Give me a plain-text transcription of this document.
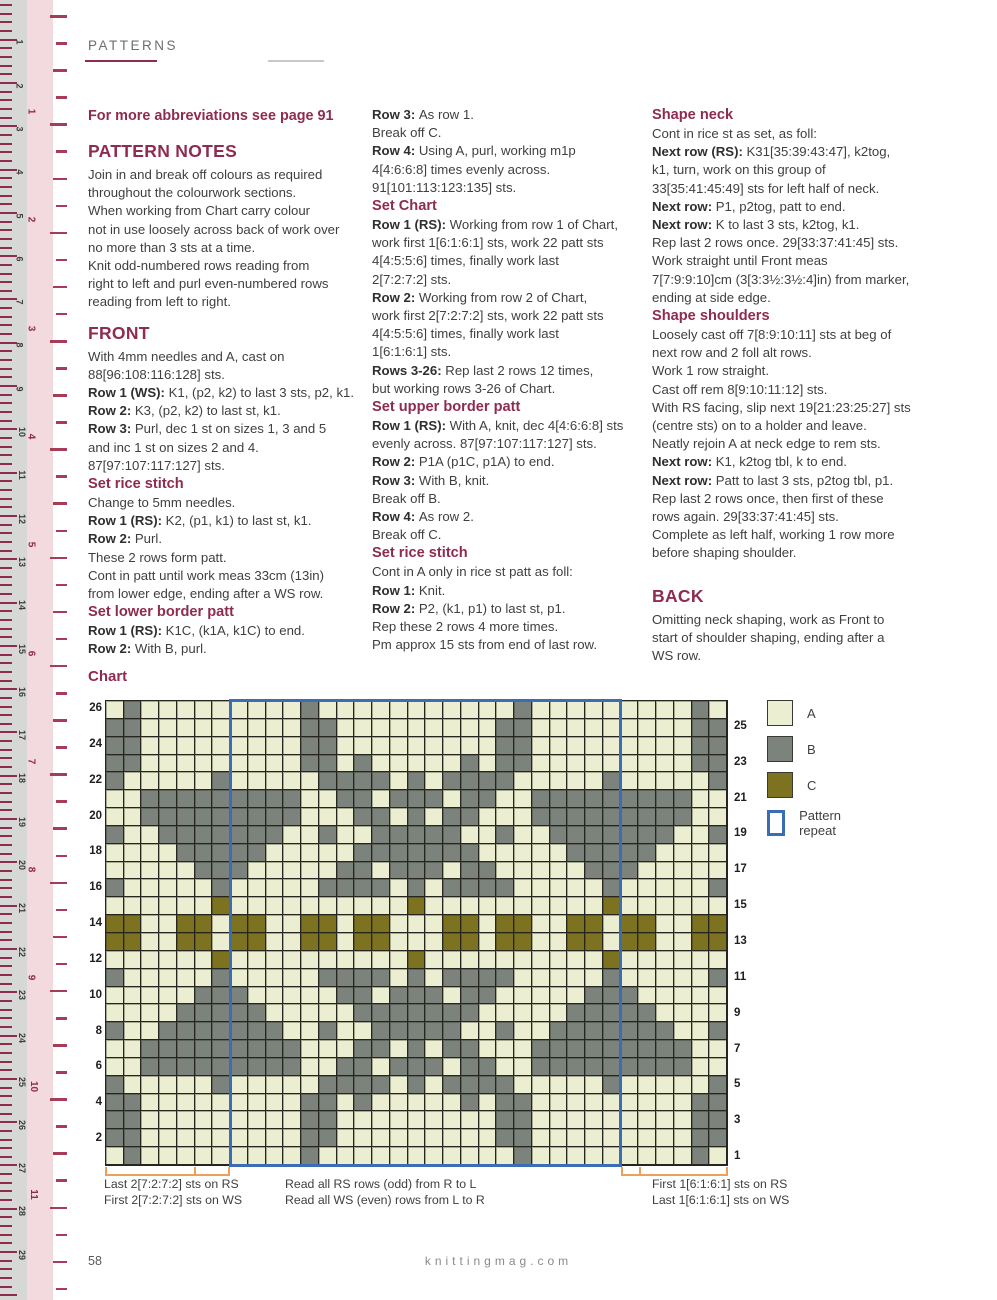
1
2
3
4
5
6
7
8
9
10
11
12
13
14
15
16
17
18
19
20
21
22
23
24
25
26
27
28
29
1
2
3
4
5
6
7
8
9
10
11
PATTERNS
For more abbreviations see page 91
PATTERN NOTES
Join in and break off colours as required
throughout the colourwork sections.
When working from Chart carry colour
not in use loosely across back of work over
no more than 3 sts at a time.
Knit odd-numbered rows reading from
right to left and purl even-numbered rows
reading from left to right.
FRONT
With 4mm needles and A, cast on
88[96:108:116:128] sts.
Row 1 (WS): K1, (p2, k2) to last 3 sts, p2, k1.
Row 2: K3, (p2, k2) to last st, k1.
Row 3: Purl, dec 1 st on sizes 1, 3 and 5
and inc 1 st on sizes 2 and 4.
87[97:107:117:127] sts.
Set rice stitch
Change to 5mm needles.
Row 1 (RS): K2, (p1, k1) to last st, k1.
Row 2: Purl.
These 2 rows form patt.
Cont in patt until work meas 33cm (13in)
from lower edge, ending after a WS row.
Set lower border patt
Row 1 (RS): K1C, (k1A, k1C) to end.
Row 2: With B, purl.
Row 3: As row 1.
Break off C.
Row 4: Using A, purl, working m1p
4[4:6:6:8] times evenly across.
91[101:113:123:135] sts.
Set Chart
Row 1 (RS): Working from row 1 of Chart,
work first 1[6:1:6:1] sts, work 22 patt sts
4[4:5:5:6] times, finally work last
2[7:2:7:2] sts.
Row 2: Working from row 2 of Chart,
work first 2[7:2:7:2] sts, work 22 patt sts
4[4:5:5:6] times, finally work last
1[6:1:6:1] sts.
Rows 3-26: Rep last 2 rows 12 times,
but working rows 3-26 of Chart.
Set upper border patt
Row 1 (RS): With A, knit, dec 4[4:6:6:8] sts
evenly across. 87[97:107:117:127] sts.
Row 2: P1A (p1C, p1A) to end.
Row 3: With B, knit.
Break off B.
Row 4: As row 2.
Break off C.
Set rice stitch
Cont in A only in rice st patt as foll:
Row 1: Knit.
Row 2: P2, (k1, p1) to last st, p1.
Rep these 2 rows 4 more times.
Pm approx 15 sts from end of last row.
Shape neck
Cont in rice st as set, as foll:
Next row (RS): K31[35:39:43:47], k2tog,
k1, turn, work on this group of
33[35:41:45:49] sts for left half of neck.
Next row: P1, p2tog, patt to end.
Next row: K to last 3 sts, k2tog, k1.
Rep last 2 rows once. 29[33:37:41:45] sts.
Work straight until Front meas
7[7:9:9:10]cm (3[3:3½:3½:4]in) from marker,
ending at side edge.
Shape shoulders
Loosely cast off 7[8:9:10:11] sts at beg of
next row and 2 foll alt rows.
Work 1 row straight.
Cast off rem 8[9:10:11:12] sts.
With RS facing, slip next 19[21:23:25:27] sts
(centre sts) on to a holder and leave.
Neatly rejoin A at neck edge to rem sts.
Next row: K1, k2tog tbl, k to end.
Next row: Patt to last 3 sts, p2tog tbl, p1.
Rep last 2 rows once, then first of these
rows again. 29[33:37:41:45] sts.
Complete as left half, working 1 row more
before shaping shoulder.
BACK
Omitting neck shaping, work as Front to
start of shoulder shaping, ending after a
WS row.
Chart
26
25
24
23
22
21
20
19
18
17
16
15
14
13
12
11
10
9
8
7
6
5
4
3
2
1
A
B
C
Pattern repeat
Last 2[7:2:7:2] sts on RS
First 2[7:2:7:2] sts on WS
Read all RS rows (odd) from R to L
Read all WS (even) rows from L to R
First 1[6:1:6:1] sts on RS
Last 1[6:1:6:1] sts on WS
58	knittingmag.com
